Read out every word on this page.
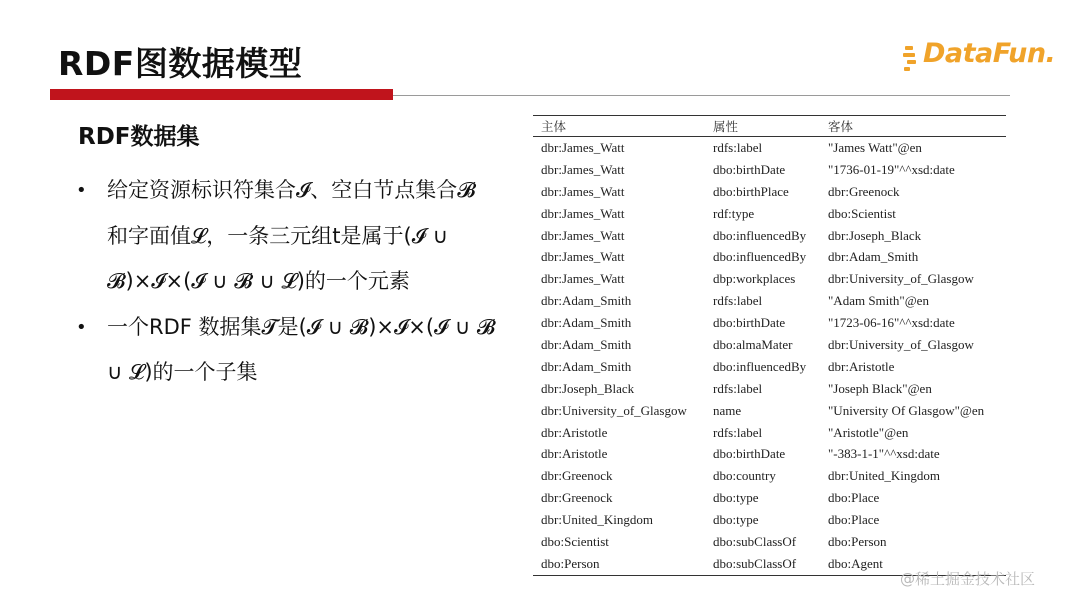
RDF图数据模型	DataFun.
RDF数据集
• 给定资源标识符集合𝓘、空白节点集合𝓑和字面值𝓛，一条三元组t是属于(𝓘 ∪ 𝓑)×𝓘×(𝓘 ∪ 𝓑 ∪ 𝓛)的一个元素
• 一个RDF 数据集𝓣是(𝓘 ∪ 𝓑)×𝓘×(𝓘 ∪ 𝓑 ∪ 𝓛)的一个子集
主体	属性	客体
dbr:James_Watt	rdfs:label	"James Watt"@en
dbr:James_Watt	dbo:birthDate	"1736-01-19"^^xsd:date
dbr:James_Watt	dbo:birthPlace	dbr:Greenock
dbr:James_Watt	rdf:type	dbo:Scientist
dbr:James_Watt	dbo:influencedBy	dbr:Joseph_Black
dbr:James_Watt	dbo:influencedBy	dbr:Adam_Smith
dbr:James_Watt	dbp:workplaces	dbr:University_of_Glasgow
dbr:Adam_Smith	rdfs:label	"Adam Smith"@en
dbr:Adam_Smith	dbo:birthDate	"1723-06-16"^^xsd:date
dbr:Adam_Smith	dbo:almaMater	dbr:University_of_Glasgow
dbr:Adam_Smith	dbo:influencedBy	dbr:Aristotle
dbr:Joseph_Black	rdfs:label	"Joseph Black"@en
dbr:University_of_Glasgow	name	"University Of Glasgow"@en
dbr:Aristotle	rdfs:label	"Aristotle"@en
dbr:Aristotle	dbo:birthDate	"-383-1-1"^^xsd:date
dbr:Greenock	dbo:country	dbr:United_Kingdom
dbr:Greenock	dbo:type	dbo:Place
dbr:United_Kingdom	dbo:type	dbo:Place
dbo:Scientist	dbo:subClassOf	dbo:Person
dbo:Person	dbo:subClassOf	dbo:Agent
@稀土掘金技术社区
